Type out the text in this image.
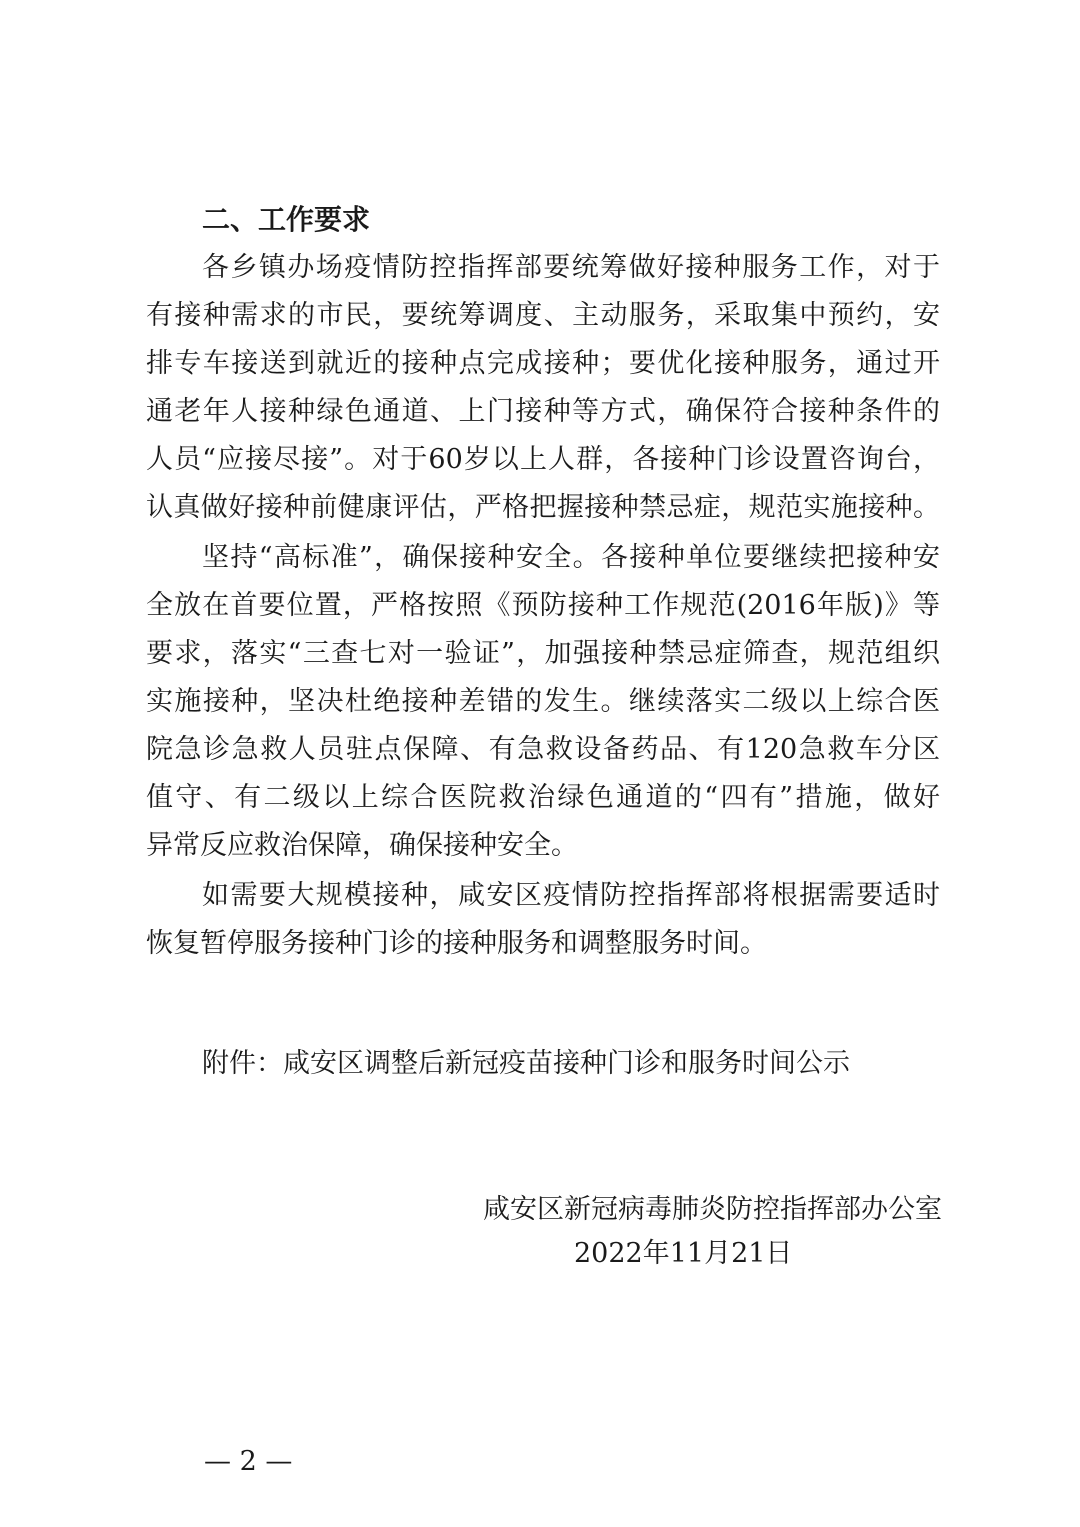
二、工作要求
各乡镇办场疫情防控指挥部要统筹做好接种服务工作，对于
有接种需求的市民，要统筹调度、主动服务，采取集中预约，安
排专车接送到就近的接种点完成接种；要优化接种服务，通过开
通老年人接种绿色通道、上门接种等方式，确保符合接种条件的
人员“应接尽接”。对于60岁以上人群，各接种门诊设置咨询台，
认真做好接种前健康评估，严格把握接种禁忌症，规范实施接种。
坚持“高标准”，确保接种安全。各接种单位要继续把接种安
全放在首要位置，严格按照《预防接种工作规范(2016年版)》等
要求，落实“三查七对一验证”，加强接种禁忌症筛查，规范组织
实施接种，坚决杜绝接种差错的发生。继续落实二级以上综合医
院急诊急救人员驻点保障、有急救设备药品、有120急救车分区
值守、有二级以上综合医院救治绿色通道的“四有”措施，做好
异常反应救治保障，确保接种安全。
如需要大规模接种，咸安区疫情防控指挥部将根据需要适时
恢复暂停服务接种门诊的接种服务和调整服务时间。
附件：咸安区调整后新冠疫苗接种门诊和服务时间公示
咸安区新冠病毒肺炎防控指挥部办公室
2022年11月21日
— 2 —
